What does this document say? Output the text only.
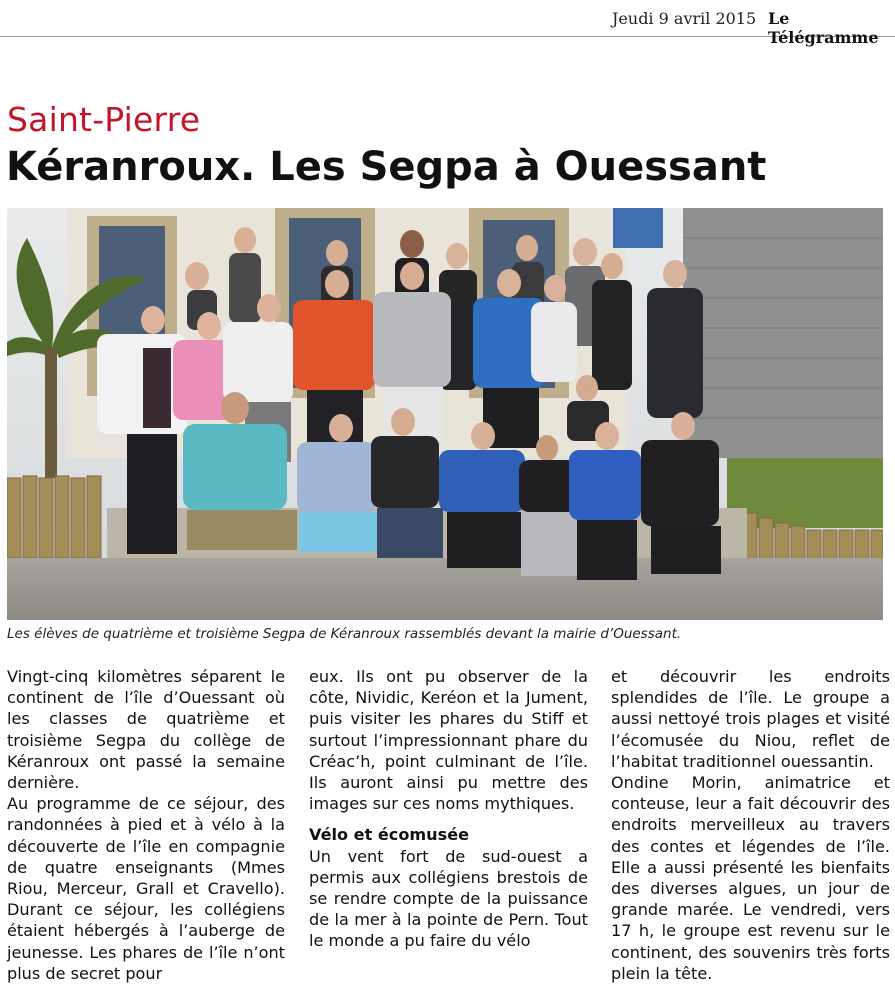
Jeudi 9 avril 2015 Le Télégramme
Saint-Pierre
Kéranroux. Les Segpa à Ouessant
Les élèves de quatrième et troisième Segpa de Kéranroux rassemblés devant la mairie d’Ouessant.

Vingt-cinq kilomètres séparent le continent de l’île d’Ouessant où les classes de quatrième et troisième Segpa du collège de Kéranroux ont passé la semaine dernière.

Au programme de ce séjour, des randonnées à pied et à vélo à la découverte de l’île en compagnie de quatre enseignants (Mmes Riou, Merceur, Grall et Cravello). Durant ce séjour, les collégiens étaient hébergés à l’auberge de jeunesse. Les phares de l’île n’ont plus de secret pour

eux. Ils ont pu observer de la côte, Nividic, Keréon et la Jument, puis visiter les phares du Stiff et surtout l’impressionnant phare du Créac’h, point culminant de l’île. Ils auront ainsi pu mettre des images sur ces noms mythiques.

Vélo et écomusée

Un vent fort de sud-ouest a permis aux collégiens brestois de se rendre compte de la puissance de la mer à la pointe de Pern. Tout le monde a pu faire du vélo

et découvrir les endroits splendides de l’île. Le groupe a aussi nettoyé trois plages et visité l’écomusée du Niou, reflet de l’habitat traditionnel ouessantin.

Ondine Morin, animatrice et conteuse, leur a fait découvrir des endroits merveilleux au travers des contes et légendes de l’île. Elle a aussi présenté les bienfaits des diverses algues, un jour de grande marée. Le vendredi, vers 17 h, le groupe est revenu sur le continent, des souvenirs très forts plein la tête.
